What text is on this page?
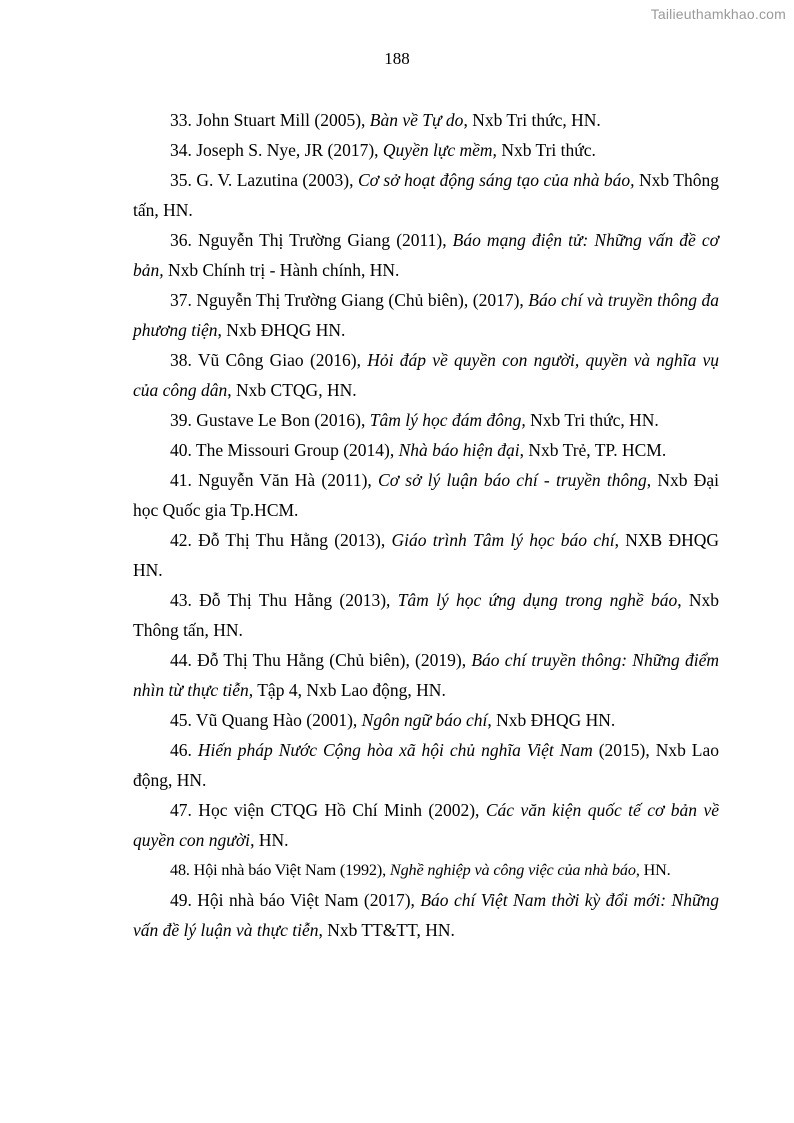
Tailieuthamkhao.com
188

33. John Stuart Mill (2005), Bàn về Tự do, Nxb Tri thức, HN.

34. Joseph S. Nye, JR (2017), Quyền lực mềm, Nxb Tri thức.

35. G. V. Lazutina (2003), Cơ sở hoạt động sáng tạo của nhà báo, Nxb Thông tấn, HN.

36. Nguyễn Thị Trường Giang (2011), Báo mạng điện tử: Những vấn đề cơ bản, Nxb Chính trị - Hành chính, HN.

37. Nguyễn Thị Trường Giang (Chủ biên), (2017), Báo chí và truyền thông đa phương tiện, Nxb ĐHQG HN.

38. Vũ Công Giao (2016), Hỏi đáp về quyền con người, quyền và nghĩa vụ của công dân, Nxb CTQG, HN.

39. Gustave Le Bon (2016), Tâm lý học đám đông, Nxb Tri thức, HN.

40. The Missouri Group (2014), Nhà báo hiện đại, Nxb Trẻ, TP. HCM.

41. Nguyễn Văn Hà (2011), Cơ sở lý luận báo chí - truyền thông, Nxb Đại học Quốc gia Tp.HCM.

42. Đỗ Thị Thu Hằng (2013), Giáo trình Tâm lý học báo chí, NXB ĐHQG HN.

43. Đỗ Thị Thu Hằng (2013), Tâm lý học ứng dụng trong nghề báo, Nxb Thông tấn, HN.

44. Đỗ Thị Thu Hằng (Chủ biên), (2019), Báo chí truyền thông: Những điểm nhìn từ thực tiễn, Tập 4, Nxb Lao động, HN.

45. Vũ Quang Hào (2001), Ngôn ngữ báo chí, Nxb ĐHQG HN.

46. Hiến pháp Nước Cộng hòa xã hội chủ nghĩa Việt Nam (2015), Nxb Lao động, HN.

47. Học viện CTQG Hồ Chí Minh (2002), Các văn kiện quốc tế cơ bản về quyền con người, HN.

48. Hội nhà báo Việt Nam (1992), Nghề nghiệp và công việc của nhà báo, HN.

49. Hội nhà báo Việt Nam (2017), Báo chí Việt Nam thời kỳ đổi mới: Những vấn đề lý luận và thực tiễn, Nxb TT&TT, HN.
